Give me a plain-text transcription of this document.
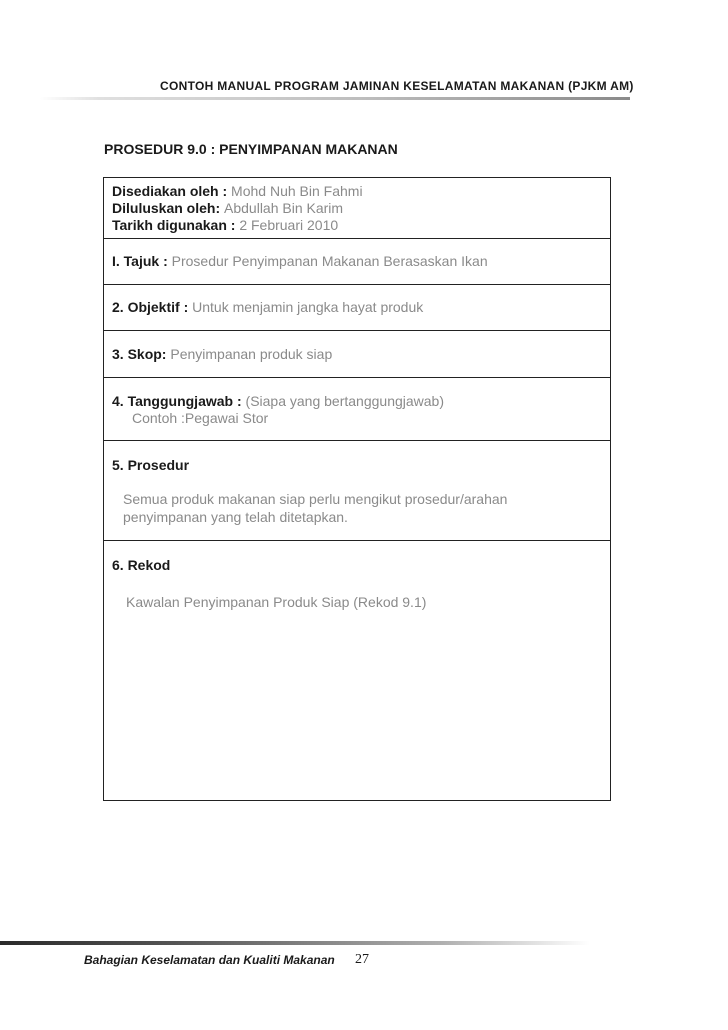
CONTOH MANUAL PROGRAM JAMINAN KESELAMATAN MAKANAN (PJKM AM)
PROSEDUR 9.0 : PENYIMPANAN MAKANAN
Disediakan oleh : Mohd Nuh Bin Fahmi
Diluluskan oleh: Abdullah Bin Karim
Tarikh digunakan : 2 Februari 2010
I. Tajuk : Prosedur Penyimpanan Makanan Berasaskan Ikan
2. Objektif : Untuk menjamin jangka hayat produk
3. Skop: Penyimpanan produk siap
4. Tanggungjawab : (Siapa yang bertanggungjawab)
Contoh :Pegawai Stor
5. Prosedur
Semua produk makanan siap perlu mengikut prosedur/arahan
penyimpanan yang telah ditetapkan.
6. Rekod
Kawalan Penyimpanan Produk Siap (Rekod 9.1)
Bahagian Keselamatan dan Kualiti Makanan 27
